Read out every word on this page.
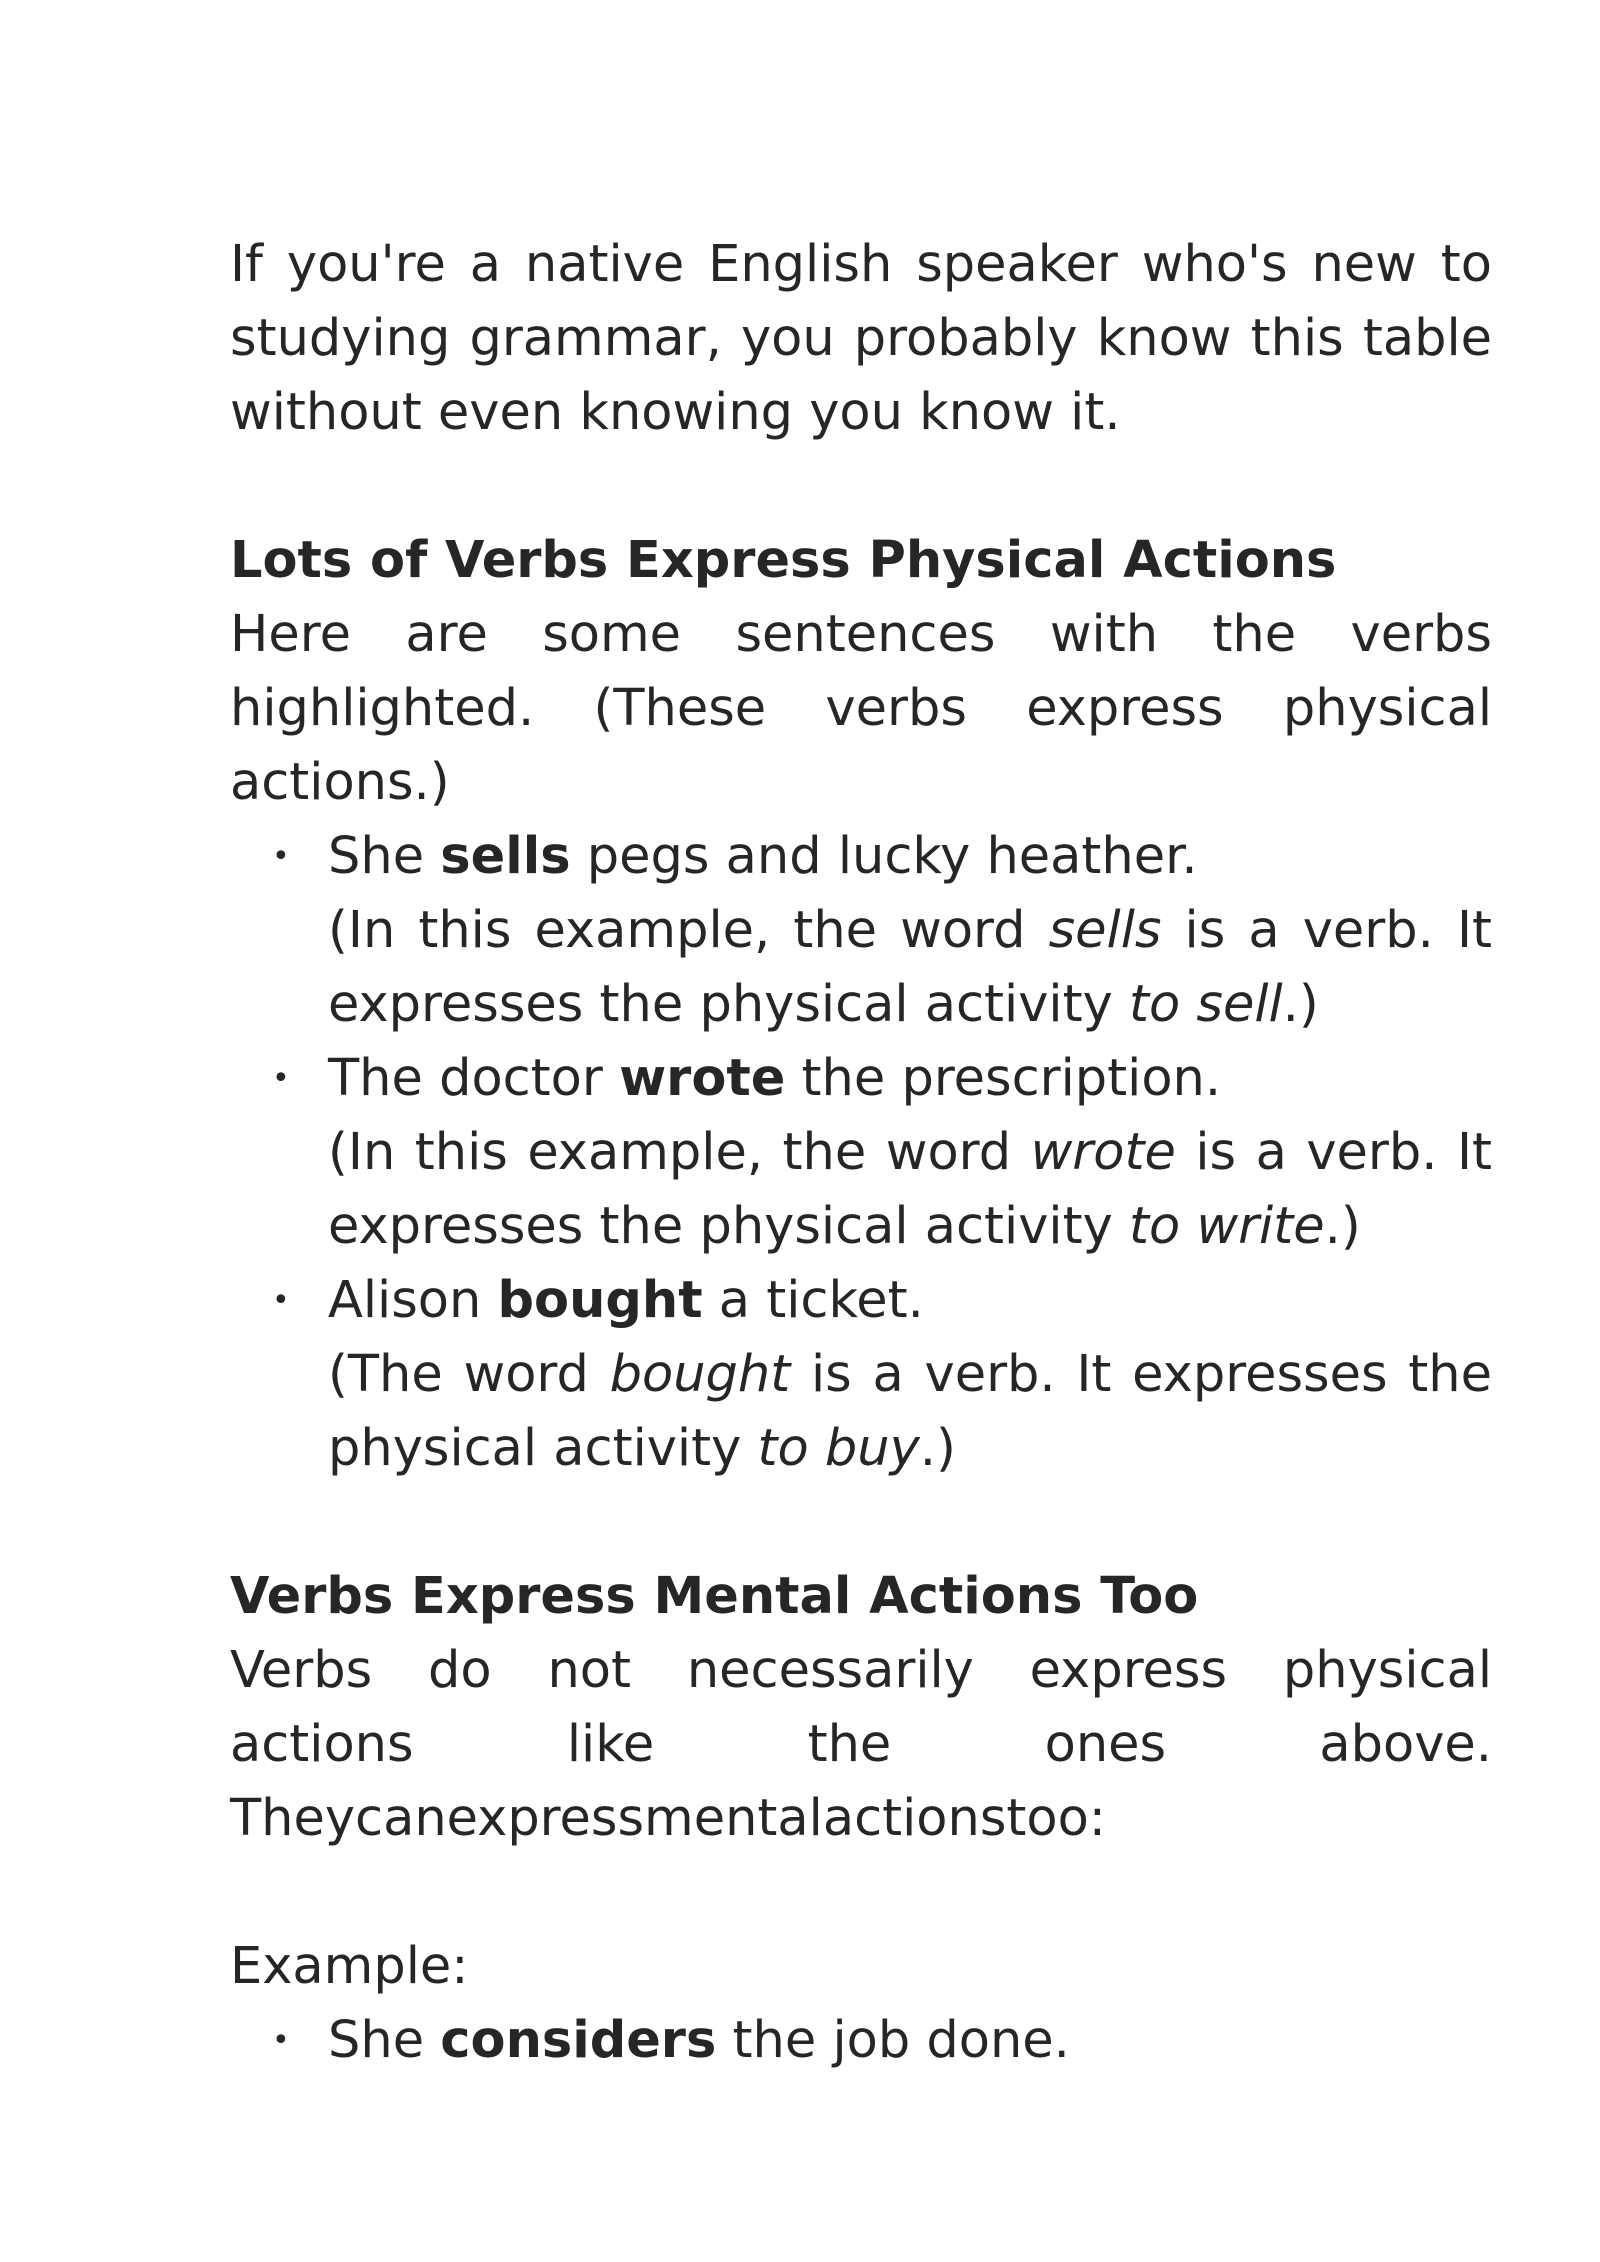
If you're a native English speaker who's new to studying grammar, you probably know this table without even knowing you know it.

Lots of Verbs Express Physical Actions

Here are some sentences with the verbs highlighted. (These verbs express physical actions.)

• She sells pegs and lucky heather.

(In this example, the word sells is a verb. It expresses the physical activity to sell.)

• The doctor wrote the prescription.

(In this example, the word wrote is a verb. It expresses the physical activity to write.)

• Alison bought a ticket.

(The word bought is a verb. It expresses the physical activity to buy.)

Verbs Express Mental Actions Too

Verbs do not necessarily express physical actions like the ones above. Theycanexpressmentalactionstoo:

Example:

• She considers the job done.
